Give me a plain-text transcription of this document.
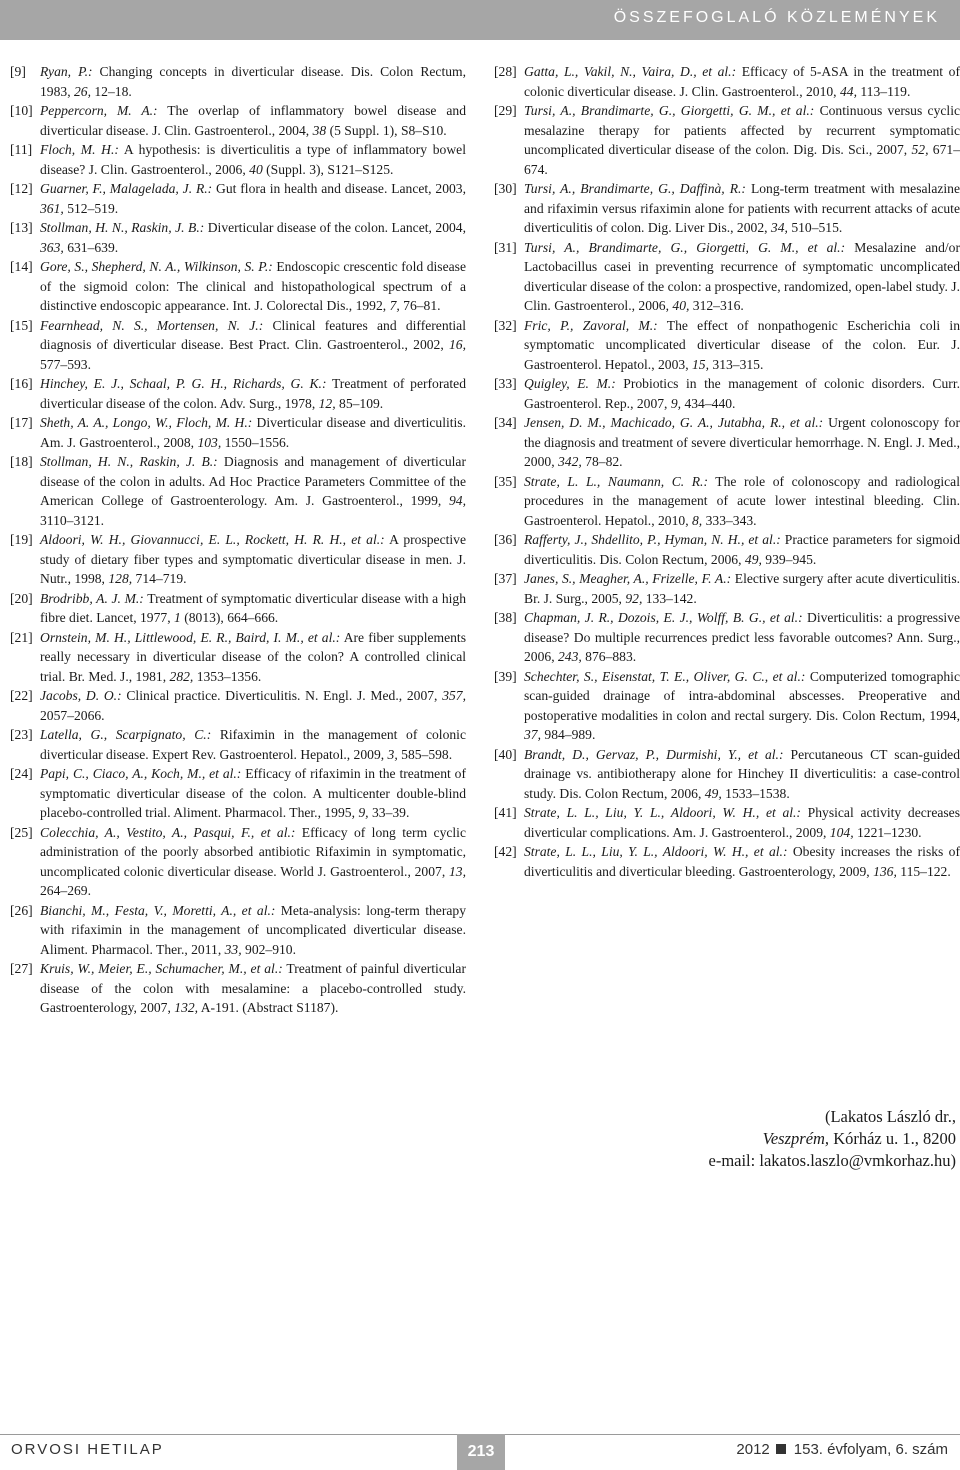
ÖSSZEFOGLALÓ KÖZLEMÉNYEK
[9] Ryan, P.: Changing concepts in diverticular disease. Dis. Colon Rectum, 1983, 26, 12–18.
[10] Peppercorn, M. A.: The overlap of inflammatory bowel disease and diverticular disease. J. Clin. Gastroenterol., 2004, 38 (5 Suppl. 1), S8–S10.
[11] Floch, M. H.: A hypothesis: is diverticulitis a type of inflammatory bowel disease? J. Clin. Gastroenterol., 2006, 40 (Suppl. 3), S121–S125.
[12] Guarner, F., Malagelada, J. R.: Gut flora in health and disease. Lancet, 2003, 361, 512–519.
[13] Stollman, H. N., Raskin, J. B.: Diverticular disease of the colon. Lancet, 2004, 363, 631–639.
[14] Gore, S., Shepherd, N. A., Wilkinson, S. P.: Endoscopic crescentic fold disease of the sigmoid colon: The clinical and histopathological spectrum of a distinctive endoscopic appearance. Int. J. Colorectal Dis., 1992, 7, 76–81.
[15] Fearnhead, N. S., Mortensen, N. J.: Clinical features and differential diagnosis of diverticular disease. Best Pract. Clin. Gastroenterol., 2002, 16, 577–593.
[16] Hinchey, E. J., Schaal, P. G. H., Richards, G. K.: Treatment of perforated diverticular disease of the colon. Adv. Surg., 1978, 12, 85–109.
[17] Sheth, A. A., Longo, W., Floch, M. H.: Diverticular disease and diverticulitis. Am. J. Gastroenterol., 2008, 103, 1550–1556.
[18] Stollman, H. N., Raskin, J. B.: Diagnosis and management of diverticular disease of the colon in adults. Ad Hoc Practice Parameters Committee of the American College of Gastroenterology. Am. J. Gastroenterol., 1999, 94, 3110–3121.
[19] Aldoori, W. H., Giovannucci, E. L., Rockett, H. R. H., et al.: A prospective study of dietary fiber types and symptomatic diverticular disease in men. J. Nutr., 1998, 128, 714–719.
[20] Brodribb, A. J. M.: Treatment of symptomatic diverticular disease with a high fibre diet. Lancet, 1977, 1 (8013), 664–666.
[21] Ornstein, M. H., Littlewood, E. R., Baird, I. M., et al.: Are fiber supplements really necessary in diverticular disease of the colon? A controlled clinical trial. Br. Med. J., 1981, 282, 1353–1356.
[22] Jacobs, D. O.: Clinical practice. Diverticulitis. N. Engl. J. Med., 2007, 357, 2057–2066.
[23] Latella, G., Scarpignato, C.: Rifaximin in the management of colonic diverticular disease. Expert Rev. Gastroenterol. Hepatol., 2009, 3, 585–598.
[24] Papi, C., Ciaco, A., Koch, M., et al.: Efficacy of rifaximin in the treatment of symptomatic diverticular disease of the colon. A multicenter double-blind placebo-controlled trial. Aliment. Pharmacol. Ther., 1995, 9, 33–39.
[25] Colecchia, A., Vestito, A., Pasqui, F., et al.: Efficacy of long term cyclic administration of the poorly absorbed antibiotic Rifaximin in symptomatic, uncomplicated colonic diverticular disease. World J. Gastroenterol., 2007, 13, 264–269.
[26] Bianchi, M., Festa, V., Moretti, A., et al.: Meta-analysis: long-term therapy with rifaximin in the management of uncomplicated diverticular disease. Aliment. Pharmacol. Ther., 2011, 33, 902–910.
[27] Kruis, W., Meier, E., Schumacher, M., et al.: Treatment of painful diverticular disease of the colon with mesalamine: a placebo-controlled study. Gastroenterology, 2007, 132, A-191. (Abstract S1187).
[28] Gatta, L., Vakil, N., Vaira, D., et al.: Efficacy of 5-ASA in the treatment of colonic diverticular disease. J. Clin. Gastroenterol., 2010, 44, 113–119.
[29] Tursi, A., Brandimarte, G., Giorgetti, G. M., et al.: Continuous versus cyclic mesalazine therapy for patients affected by recurrent symptomatic uncomplicated diverticular disease of the colon. Dig. Dis. Sci., 2007, 52, 671–674.
[30] Tursi, A., Brandimarte, G., Daffinà, R.: Long-term treatment with mesalazine and rifaximin versus rifaximin alone for patients with recurrent attacks of acute diverticulitis of colon. Dig. Liver Dis., 2002, 34, 510–515.
[31] Tursi, A., Brandimarte, G., Giorgetti, G. M., et al.: Mesalazine and/or Lactobacillus casei in preventing recurrence of symptomatic uncomplicated diverticular disease of the colon: a prospective, randomized, open-label study. J. Clin. Gastroenterol., 2006, 40, 312–316.
[32] Fric, P., Zavoral, M.: The effect of nonpathogenic Escherichia coli in symptomatic uncomplicated diverticular disease of the colon. Eur. J. Gastroenterol. Hepatol., 2003, 15, 313–315.
[33] Quigley, E. M.: Probiotics in the management of colonic disorders. Curr. Gastroenterol. Rep., 2007, 9, 434–440.
[34] Jensen, D. M., Machicado, G. A., Jutabha, R., et al.: Urgent colonoscopy for the diagnosis and treatment of severe diverticular hemorrhage. N. Engl. J. Med., 2000, 342, 78–82.
[35] Strate, L. L., Naumann, C. R.: The role of colonoscopy and radiological procedures in the management of acute lower intestinal bleeding. Clin. Gastroenterol. Hepatol., 2010, 8, 333–343.
[36] Rafferty, J., Shdellito, P., Hyman, N. H., et al.: Practice parameters for sigmoid diverticulitis. Dis. Colon Rectum, 2006, 49, 939–945.
[37] Janes, S., Meagher, A., Frizelle, F. A.: Elective surgery after acute diverticulitis. Br. J. Surg., 2005, 92, 133–142.
[38] Chapman, J. R., Dozois, E. J., Wolff, B. G., et al.: Diverticulitis: a progressive disease? Do multiple recurrences predict less favorable outcomes? Ann. Surg., 2006, 243, 876–883.
[39] Schechter, S., Eisenstat, T. E., Oliver, G. C., et al.: Computerized tomographic scan-guided drainage of intra-abdominal abscesses. Preoperative and postoperative modalities in colon and rectal surgery. Dis. Colon Rectum, 1994, 37, 984–989.
[40] Brandt, D., Gervaz, P., Durmishi, Y., et al.: Percutaneous CT scan-guided drainage vs. antibiotherapy alone for Hinchey II diverticulitis: a case-control study. Dis. Colon Rectum, 2006, 49, 1533–1538.
[41] Strate, L. L., Liu, Y. L., Aldoori, W. H., et al.: Physical activity decreases diverticular complications. Am. J. Gastroenterol., 2009, 104, 1221–1230.
[42] Strate, L. L., Liu, Y. L., Aldoori, W. H., et al.: Obesity increases the risks of diverticulitis and diverticular bleeding. Gastroenterology, 2009, 136, 115–122.
(Lakatos László dr.,
Veszprém, Kórház u. 1., 8200
e-mail: lakatos.laszlo@vmkorhaz.hu)
ORVOSI HETILAP	213	2012 153. évfolyam, 6. szám
